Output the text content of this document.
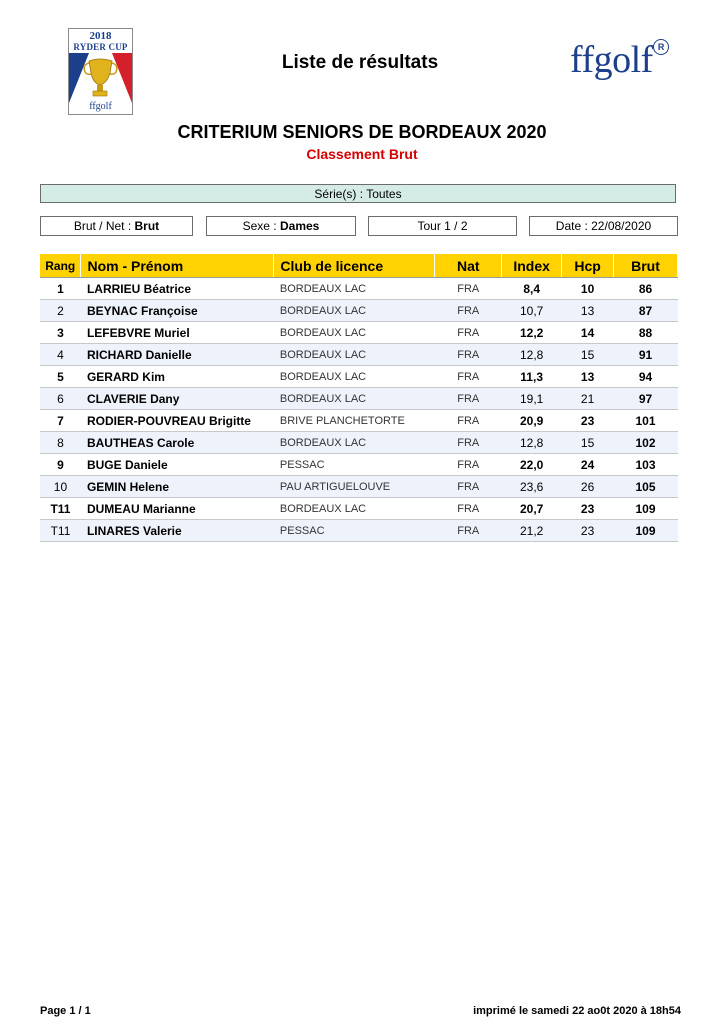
2018
RYDER CUP
ffgolf
Liste de résultats	ffgolf R
CRITERIUM SENIORS DE BORDEAUX 2020
Classement Brut
Série(s) : Toutes
Brut / Net : Brut	Sexe : Dames	Tour 1 / 2	Date : 22/08/2020
Rang	Nom - Prénom	Club de licence	Nat	Index	Hcp	Brut
1	LARRIEU Béatrice	BORDEAUX LAC	FRA	8,4	10	86
2	BEYNAC Françoise	BORDEAUX LAC	FRA	10,7	13	87
3	LEFEBVRE Muriel	BORDEAUX LAC	FRA	12,2	14	88
4	RICHARD Danielle	BORDEAUX LAC	FRA	12,8	15	91
5	GERARD Kim	BORDEAUX LAC	FRA	11,3	13	94
6	CLAVERIE Dany	BORDEAUX LAC	FRA	19,1	21	97
7	RODIER-POUVREAU Brigitte	BRIVE PLANCHETORTE	FRA	20,9	23	101
8	BAUTHEAS Carole	BORDEAUX LAC	FRA	12,8	15	102
9	BUGE Daniele	PESSAC	FRA	22,0	24	103
10	GEMIN Helene	PAU ARTIGUELOUVE	FRA	23,6	26	105
T11	DUMEAU Marianne	BORDEAUX LAC	FRA	20,7	23	109
T11	LINARES Valerie	PESSAC	FRA	21,2	23	109
Page 1 / 1	imprimé le samedi 22 ao0t 2020 à 18h54
